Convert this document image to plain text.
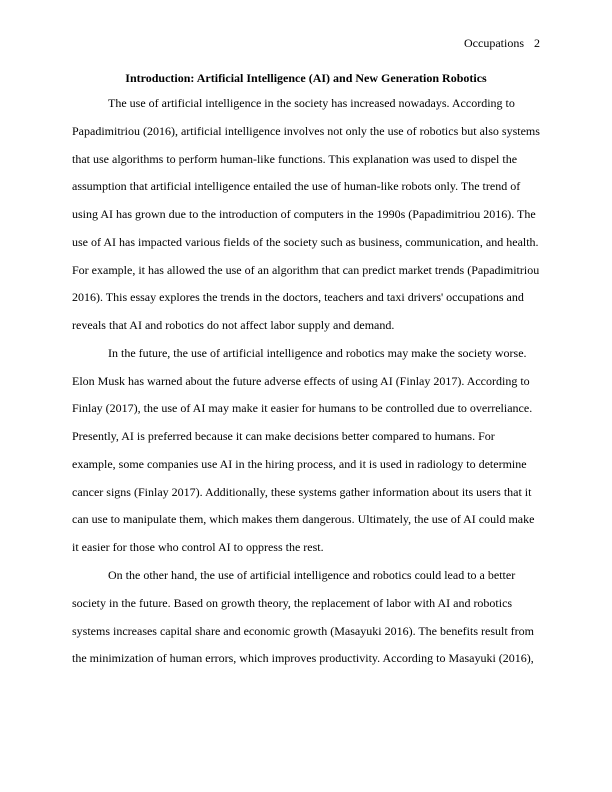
Occupations 2
Introduction: Artificial Intelligence (AI) and New Generation Robotics
The use of artificial intelligence in the society has increased nowadays. According to
Papadimitriou (2016), artificial intelligence involves not only the use of robotics but also systems
that use algorithms to perform human-like functions. This explanation was used to dispel the
assumption that artificial intelligence entailed the use of human-like robots only. The trend of
using AI has grown due to the introduction of computers in the 1990s (Papadimitriou 2016). The
use of AI has impacted various fields of the society such as business, communication, and health.
For example, it has allowed the use of an algorithm that can predict market trends (Papadimitriou
2016). This essay explores the trends in the doctors, teachers and taxi drivers' occupations and
reveals that AI and robotics do not affect labor supply and demand.
In the future, the use of artificial intelligence and robotics may make the society worse.
Elon Musk has warned about the future adverse effects of using AI (Finlay 2017). According to
Finlay (2017), the use of AI may make it easier for humans to be controlled due to overreliance.
Presently, AI is preferred because it can make decisions better compared to humans. For
example, some companies use AI in the hiring process, and it is used in radiology to determine
cancer signs (Finlay 2017). Additionally, these systems gather information about its users that it
can use to manipulate them, which makes them dangerous. Ultimately, the use of AI could make
it easier for those who control AI to oppress the rest.
On the other hand, the use of artificial intelligence and robotics could lead to a better
society in the future. Based on growth theory, the replacement of labor with AI and robotics
systems increases capital share and economic growth (Masayuki 2016). The benefits result from
the minimization of human errors, which improves productivity. According to Masayuki (2016),
